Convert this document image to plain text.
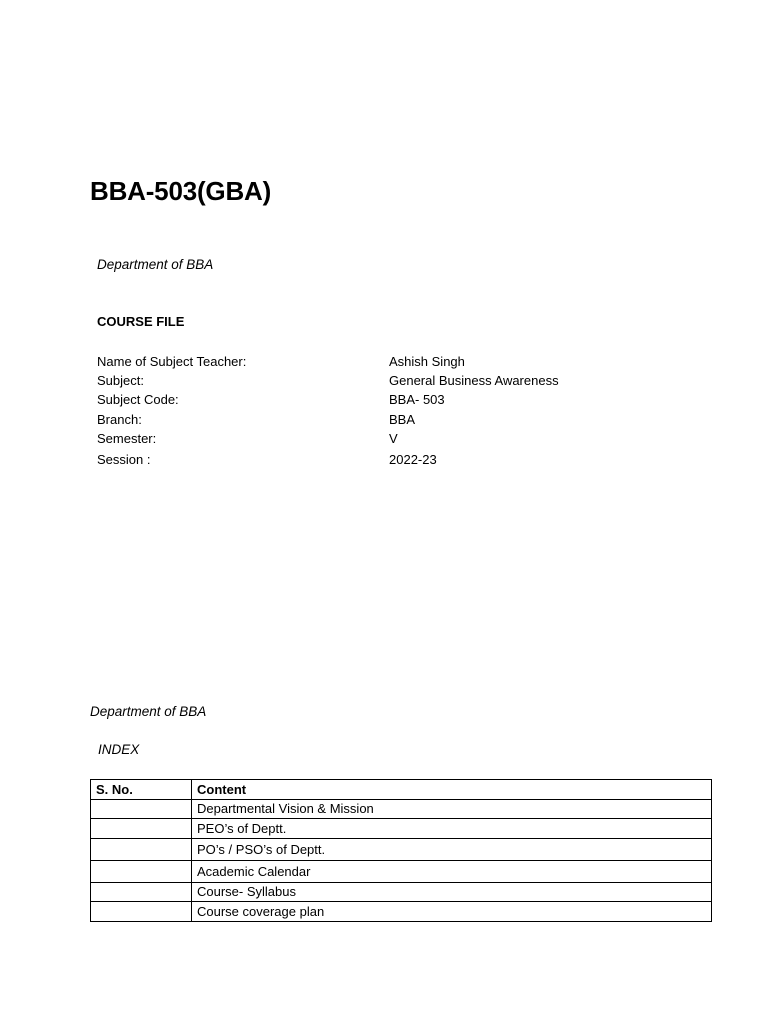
BBA-503(GBA)
Department of BBA
COURSE FILE
Name of Subject Teacher:	Ashish Singh
Subject:	General Business Awareness
Subject Code:	BBA- 503
Branch:	BBA
Semester:	V
Session :	2022-23
Department of BBA
INDEX
S. No.	Content
	Departmental Vision & Mission
	PEO’s of Deptt.
	PO’s / PSO’s of Deptt.
	Academic Calendar
	Course- Syllabus
	Course coverage plan
